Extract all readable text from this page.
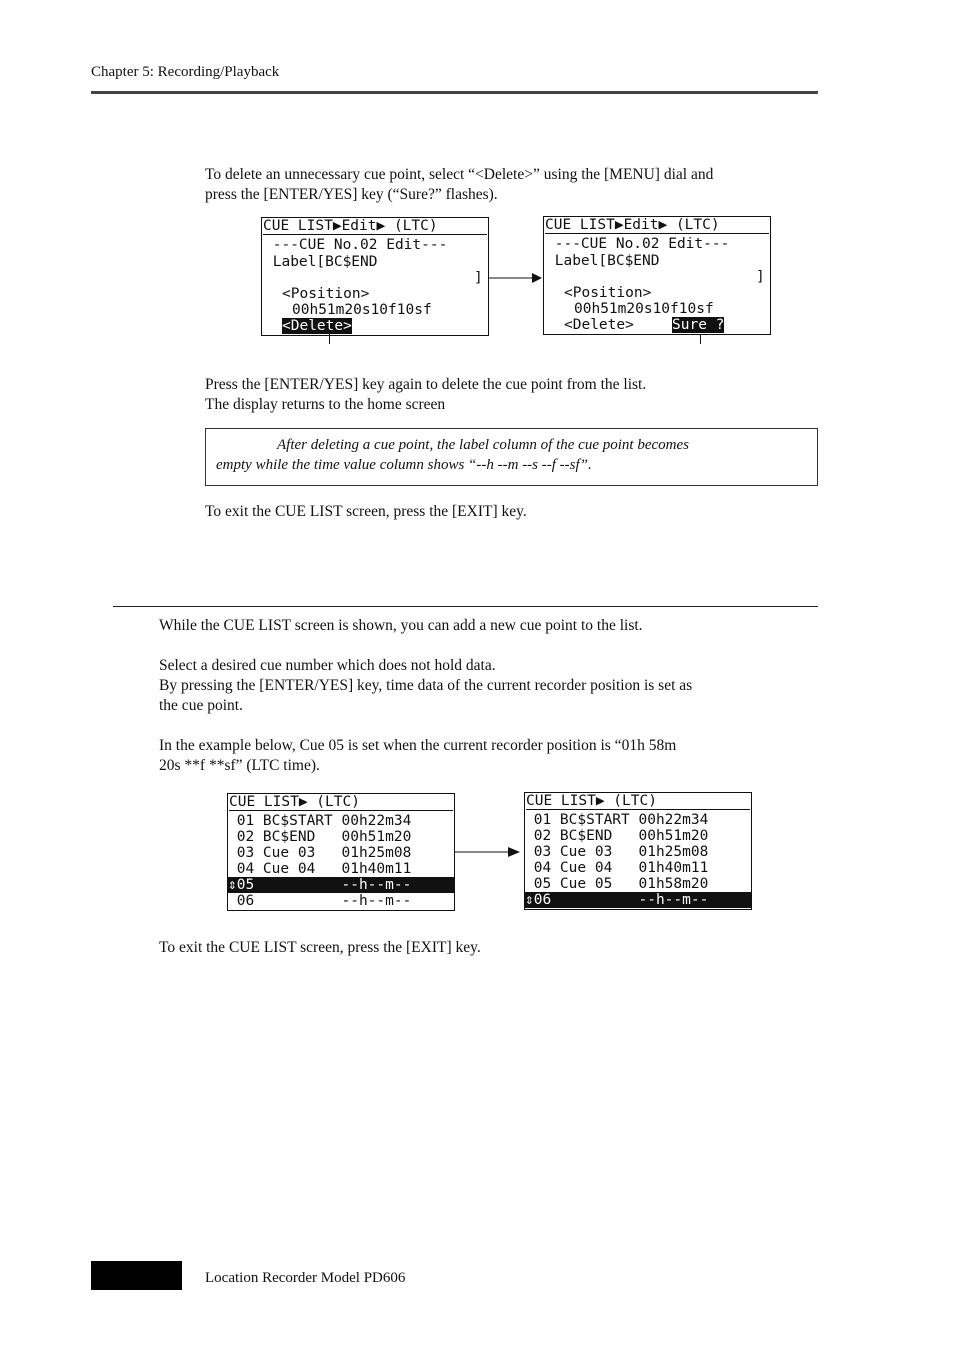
Chapter 5: Recording/Playback
To delete an unnecessary cue point, select “<Delete>” using the [MENU] dial and
press the [ENTER/YES] key (“Sure?” flashes).
CUE LIST▶Edit▶ (LTC)
---CUE No.02 Edit---
Label[BC$END
]
<Position>
00h51m20s10f10sf
<Delete>
CUE LIST▶Edit▶ (LTC)
---CUE No.02 Edit---
Label[BC$END
]
<Position>
00h51m20s10f10sf
<Delete>	Sure ?
Press the [ENTER/YES] key again to delete the cue point from the list.
The display returns to the home screen
After deleting a cue point, the label column of the cue point becomes
empty while the time value column shows “--h --m --s --f --sf”.
To exit the CUE LIST screen, press the [EXIT] key.
While the CUE LIST screen is shown, you can add a new cue point to the list.
Select a desired cue number which does not hold data.
By pressing the [ENTER/YES] key, time data of the current recorder position is set as
the cue point.
In the example below, Cue 05 is set when the current recorder position is “01h 58m
20s **f **sf” (LTC time).
CUE LIST▶ (LTC)
01 BC$START 00h22m34
02 BC$END   00h51m20
03 Cue 03   01h25m08
04 Cue 04   01h40m11
⇕05          --h--m--
06          --h--m--
CUE LIST▶ (LTC)
01 BC$START 00h22m34
02 BC$END   00h51m20
03 Cue 03   01h25m08
04 Cue 04   01h40m11
05 Cue 05   01h58m20
⇕06          --h--m--
To exit the CUE LIST screen, press the [EXIT] key.
Location Recorder Model PD606
